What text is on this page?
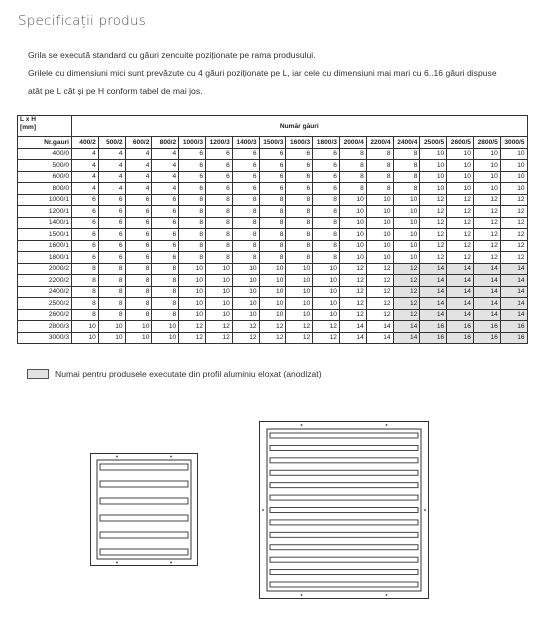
Specificații produs
Grila se execută standard cu găuri zencuite poziționate pe rama produsului.
Grilele cu dimensiuni mici sunt prevăzute cu 4 găuri poziționate pe L, iar cele cu dimensiuni mai mari cu 6..16 găuri dispuse
atât pe L cât și pe H conform tabel de mai jos.
L x H
[mm]	Număr găuri																
Nr.gauri	400/2	500/2	600/2	800/2	1000/3	1200/3	1400/3	1500/3	1600/3	1800/3	2000/4	2200/4	2400/4	2500/5	2600/5	2800/5	3000/5
400/0	4	4	4	4	6	6	6	6	6	6	8	8	8	10	10	10	10
500/0	4	4	4	4	6	6	6	6	6	6	8	8	8	10	10	10	10
600/0	4	4	4	4	6	6	6	6	6	6	8	8	8	10	10	10	10
800/0	4	4	4	4	6	6	6	6	6	6	8	8	8	10	10	10	10
1000/1	6	6	6	6	8	8	8	8	8	8	10	10	10	12	12	12	12
1200/1	6	6	6	6	8	8	8	8	8	8	10	10	10	12	12	12	12
1400/1	6	6	6	6	8	8	8	8	8	8	10	10	10	12	12	12	12
1500/1	6	6	6	6	8	8	8	8	8	8	10	10	10	12	12	12	12
1600/1	6	6	6	6	8	8	8	8	8	8	10	10	10	12	12	12	12
1800/1	6	6	6	6	8	8	8	8	8	8	10	10	10	12	12	12	12
2000/2	8	8	8	8	10	10	10	10	10	10	12	12	12	14	14	14	14
2200/2	8	8	8	8	10	10	10	10	10	10	12	12	12	14	14	14	14
2400/2	8	8	8	8	10	10	10	10	10	10	12	12	12	14	14	14	14
2500/2	8	8	8	8	10	10	10	10	10	10	12	12	12	14	14	14	14
2600/2	8	8	8	8	10	10	10	10	10	10	12	12	12	14	14	14	14
2800/3	10	10	10	10	12	12	12	12	12	12	14	14	14	16	16	16	16
3000/3	10	10	10	10	12	12	12	12	12	12	14	14	14	16	16	16	16
Numai pentru produsele executate din profil aluminiu eloxat (anodizat)
